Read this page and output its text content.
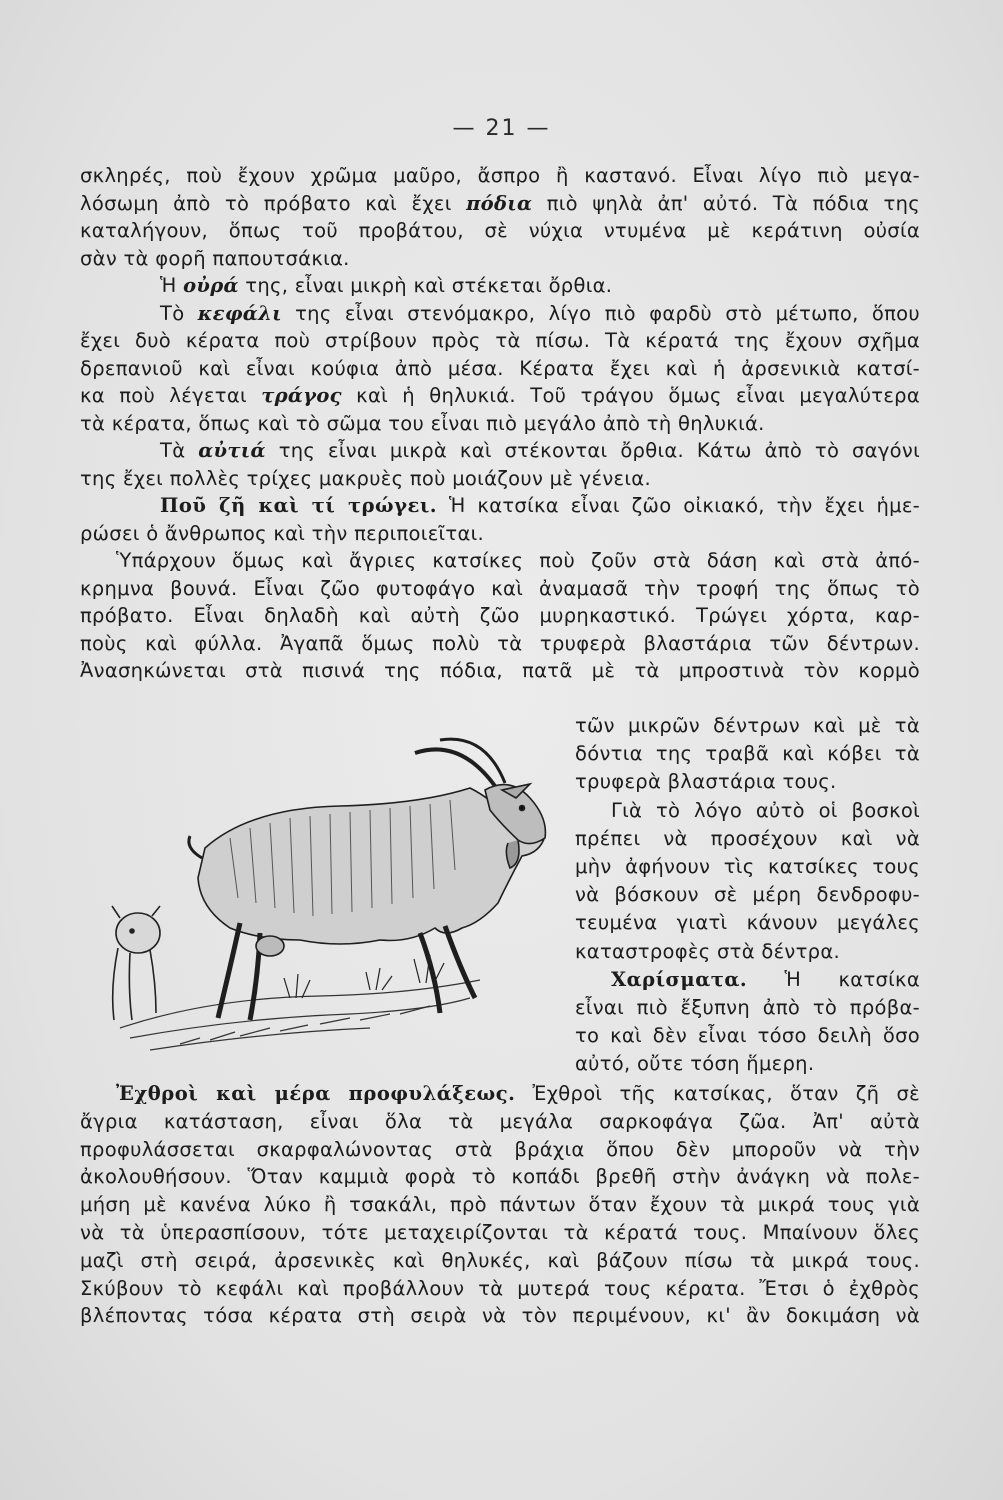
— 21 —
σκληρές, ποὺ ἔχουν χρῶμα μαῦρο, ἄσπρο ἢ καστανό. Εἶναι λίγο πιὸ μεγα-
λόσωμη ἀπὸ τὸ πρόβατο καὶ ἔχει πόδια πιὸ ψηλὰ ἀπ' αὐτό. Τὰ πόδια της
καταλήγουν, ὅπως τοῦ προβάτου, σὲ νύχια ντυμένα μὲ κεράτινη οὐσία
σὰν τὰ φορῆ παπουτσάκια.
Ἡ οὐρά της, εἶναι μικρὴ καὶ στέκεται ὄρθια.
Τὸ κεφάλι της εἶναι στενόμακρο, λίγο πιὸ φαρδὺ στὸ μέτωπο, ὅπου
ἔχει δυὸ κέρατα ποὺ στρίβουν πρὸς τὰ πίσω. Τὰ κέρατά της ἔχουν σχῆμα
δρεπανιοῦ καὶ εἶναι κούφια ἀπὸ μέσα. Κέρατα ἔχει καὶ ἡ ἀρσενικιὰ κατσί-
κα ποὺ λέγεται τράγος καὶ ἡ θηλυκιά. Τοῦ τράγου ὅμως εἶναι μεγαλύτερα
τὰ κέρατα, ὅπως καὶ τὸ σῶμα του εἶναι πιὸ μεγάλο ἀπὸ τὴ θηλυκιά.
Τὰ αὐτιά της εἶναι μικρὰ καὶ στέκονται ὄρθια. Κάτω ἀπὸ τὸ σαγόνι
της ἔχει πολλὲς τρίχες μακρυὲς ποὺ μοιάζουν μὲ γένεια.
Ποῦ ζῆ καὶ τί τρώγει. Ἡ κατσίκα εἶναι ζῶο οἰκιακό, τὴν ἔχει ἡμε-
ρώσει ὁ ἄνθρωπος καὶ τὴν περιποιεῖται.
Ὑπάρχουν ὅμως καὶ ἄγριες κατσίκες ποὺ ζοῦν στὰ δάση καὶ στὰ ἀπό-
κρημνα βουνά. Εἶναι ζῶο φυτοφάγο καὶ ἀναμασᾶ τὴν τροφή της ὅπως τὸ
πρόβατο. Εἶναι δηλαδὴ καὶ αὐτὴ ζῶο μυρηκαστικό. Τρώγει χόρτα, καρ-
ποὺς καὶ φύλλα. Ἀγαπᾶ ὅμως πολὺ τὰ τρυφερὰ βλαστάρια τῶν δέντρων.
Ἀνασηκώνεται στὰ πισινά της πόδια, πατᾶ μὲ τὰ μπροστινὰ τὸν κορμὸ
τῶν μικρῶν δέντρων καὶ μὲ τὰ
δόντια της τραβᾶ καὶ κόβει τὰ
τρυφερὰ βλαστάρια τους.
Γιὰ τὸ λόγο αὐτὸ οἱ βοσκοὶ
πρέπει νὰ προσέχουν καὶ νὰ
μὴν ἀφήνουν τὶς κατσίκες τους
νὰ βόσκουν σὲ μέρη δενδροφυ-
τευμένα γιατὶ κάνουν μεγάλες
καταστροφὲς στὰ δέντρα.
Χαρίσματα. Ἡ κατσίκα
εἶναι πιὸ ἔξυπνη ἀπὸ τὸ πρόβα-
το καὶ δὲν εἶναι τόσο δειλὴ ὅσο
αὐτό, οὔτε τόση ἥμερη.
Ἐχθροὶ καὶ μέρα προφυλάξεως. Ἐχθροὶ τῆς κατσίκας, ὅταν ζῆ σὲ
ἄγρια κατάσταση, εἶναι ὅλα τὰ μεγάλα σαρκοφάγα ζῶα. Ἀπ' αὐτὰ
προφυλάσσεται σκαρφαλώνοντας στὰ βράχια ὅπου δὲν μποροῦν νὰ τὴν
ἀκολουθήσουν. Ὅταν καμμιὰ φορὰ τὸ κοπάδι βρεθῆ στὴν ἀνάγκη νὰ πολε-
μήση μὲ κανένα λύκο ἢ τσακάλι, πρὸ πάντων ὅταν ἔχουν τὰ μικρά τους γιὰ
νὰ τὰ ὑπερασπίσουν, τότε μεταχειρίζονται τὰ κέρατά τους. Μπαίνουν ὅλες
μαζὶ στὴ σειρά, ἀρσενικὲς καὶ θηλυκές, καὶ βάζουν πίσω τὰ μικρά τους.
Σκύβουν τὸ κεφάλι καὶ προβάλλουν τὰ μυτερά τους κέρατα. Ἔτσι ὁ ἐχθρὸς
βλέποντας τόσα κέρατα στὴ σειρὰ νὰ τὸν περιμένουν, κι' ἂν δοκιμάση νὰ
